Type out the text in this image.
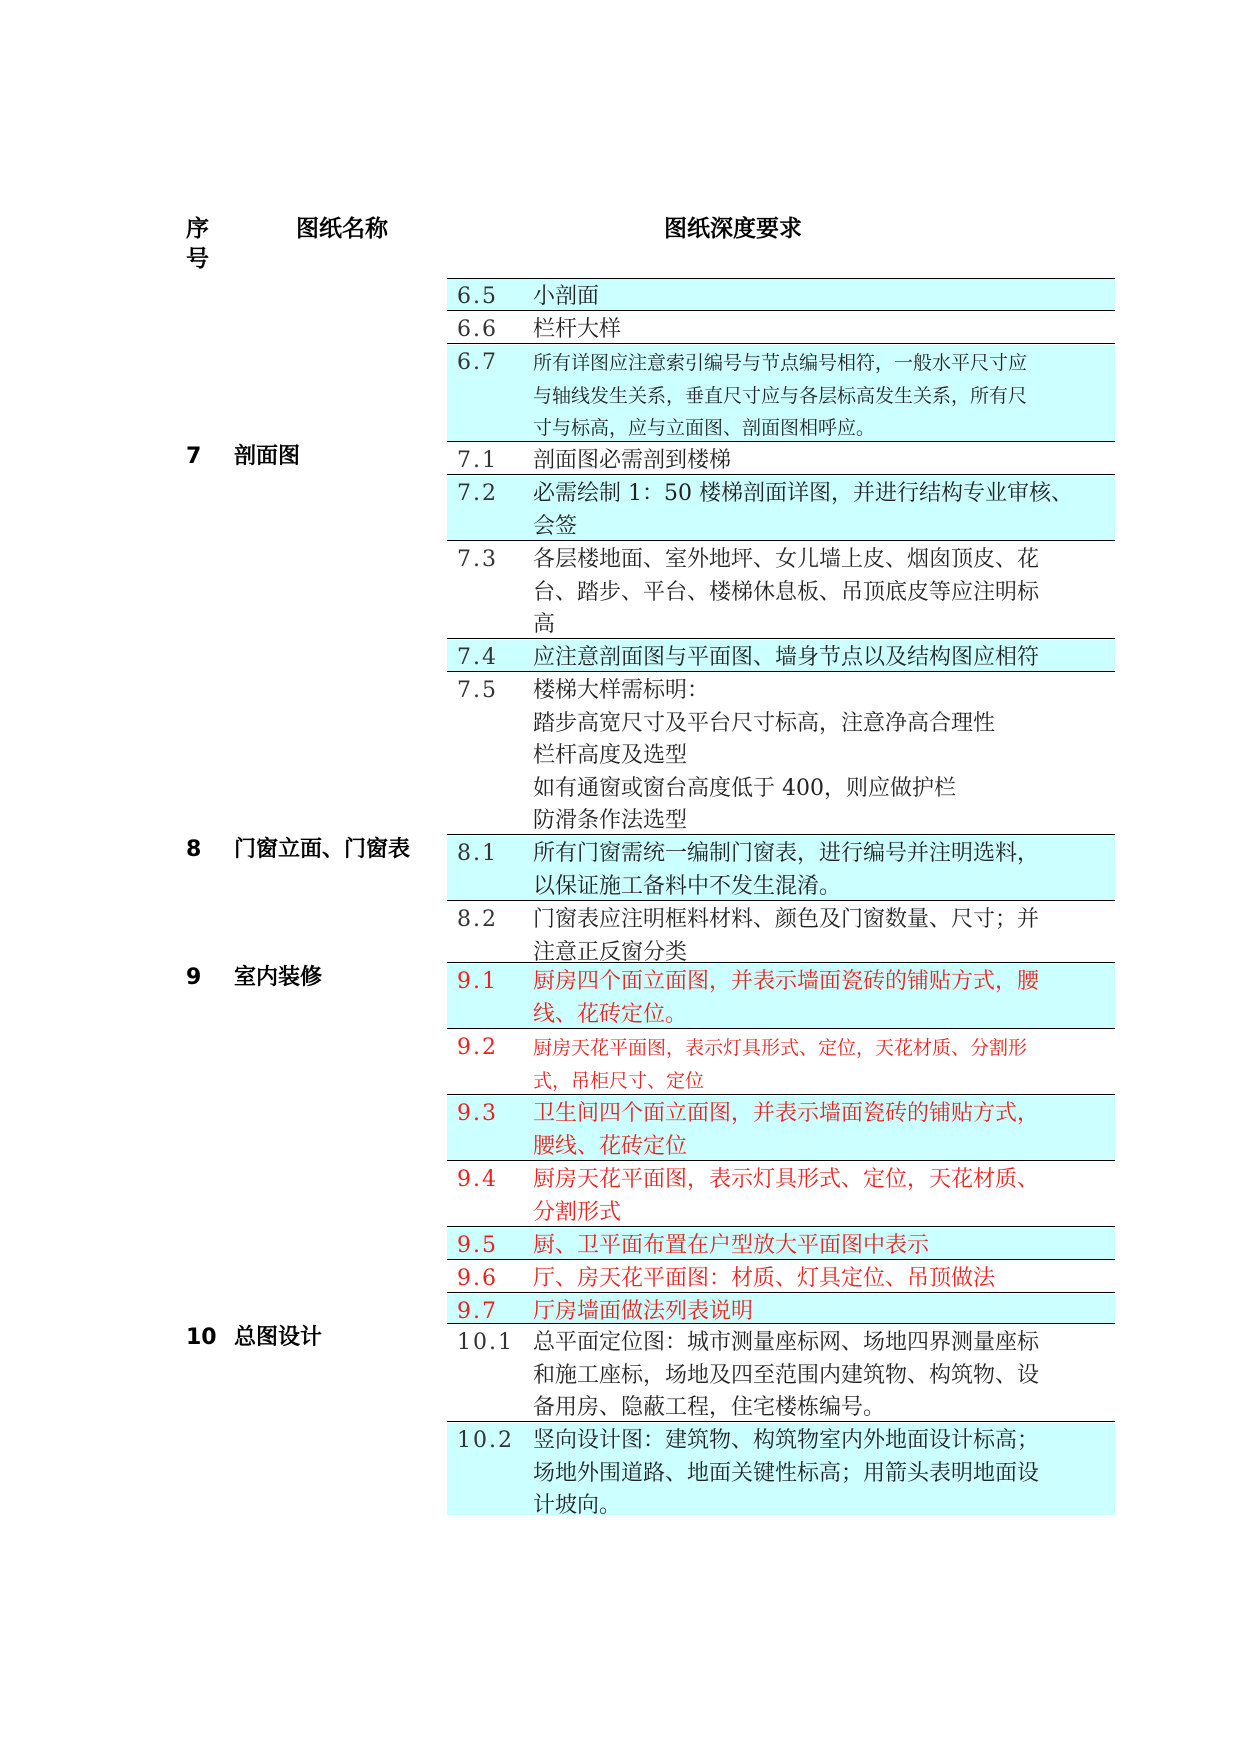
序号
图纸名称	图纸深度要求
7 剖面图
8 门窗立面、门窗表
9 室内装修
10 总图设计
6.5 小剖面
6.6 栏杆大样
6.7 所有详图应注意索引编号与节点编号相符，一般水平尺寸应
与轴线发生关系，垂直尺寸应与各层标高发生关系，所有尺
寸与标高，应与立面图、剖面图相呼应。
7.1 剖面图必需剖到楼梯
7.2 必需绘制 1：50 楼梯剖面详图，并进行结构专业审核、
会签
7.3 各层楼地面、室外地坪、女儿墙上皮、烟囱顶皮、花
台、踏步、平台、楼梯休息板、吊顶底皮等应注明标
高
7.4 应注意剖面图与平面图、墙身节点以及结构图应相符
7.5 楼梯大样需标明：
踏步高宽尺寸及平台尺寸标高，注意净高合理性
栏杆高度及选型
如有通窗或窗台高度低于 400，则应做护栏
防滑条作法选型
8.1 所有门窗需统一编制门窗表，进行编号并注明选料，
以保证施工备料中不发生混淆。
8.2 门窗表应注明框料材料、颜色及门窗数量、尺寸；并
注意正反窗分类
9.1 厨房四个面立面图，并表示墙面瓷砖的铺贴方式，腰
线、花砖定位。
9.2 厨房天花平面图，表示灯具形式、定位，天花材质、分割形
式，吊柜尺寸、定位
9.3 卫生间四个面立面图，并表示墙面瓷砖的铺贴方式，
腰线、花砖定位
9.4 厨房天花平面图，表示灯具形式、定位，天花材质、
分割形式
9.5 厨、卫平面布置在户型放大平面图中表示
9.6 厅、房天花平面图：材质、灯具定位、吊顶做法
9.7 厅房墙面做法列表说明
10.1 总平面定位图：城市测量座标网、场地四界测量座标
和施工座标，场地及四至范围内建筑物、构筑物、设
备用房、隐蔽工程，住宅楼栋编号。
10.2 竖向设计图：建筑物、构筑物室内外地面设计标高；
场地外围道路、地面关键性标高；用箭头表明地面设
计坡向。
